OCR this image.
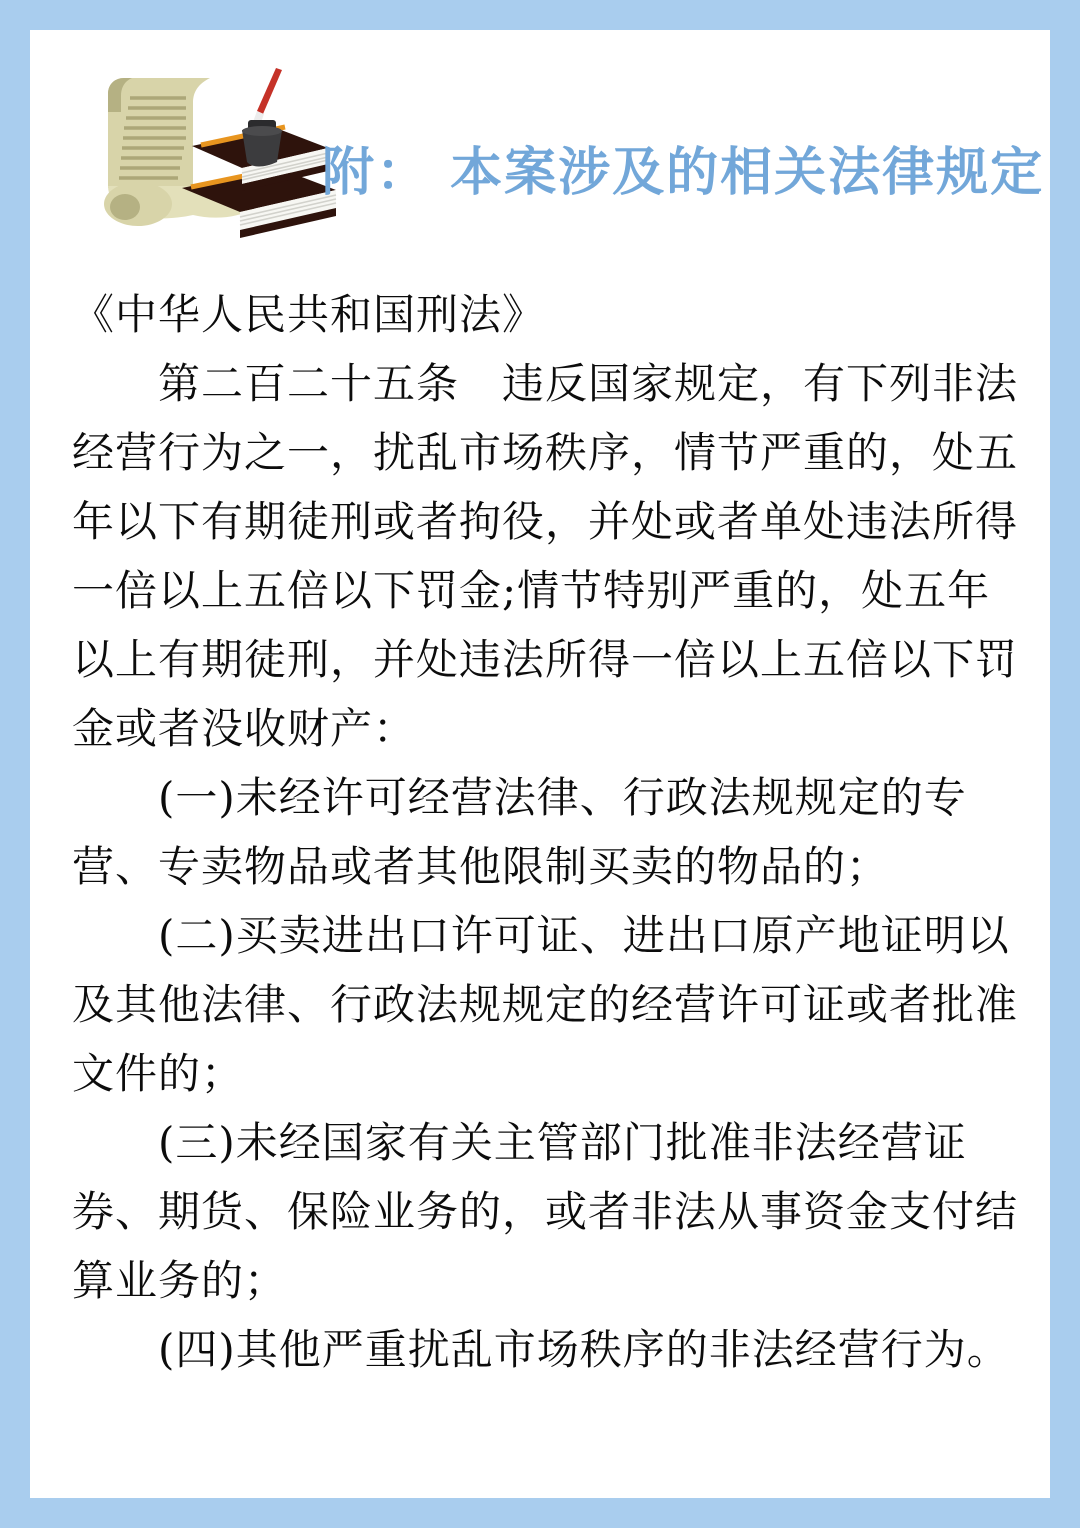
附： 本案涉及的相关法律规定
《中华人民共和国刑法》
第二百二十五条　违反国家规定，有下列非法
经营行为之一，扰乱市场秩序，情节严重的，处五
年以下有期徒刑或者拘役，并处或者单处违法所得
一倍以上五倍以下罚金;情节特别严重的，处五年
以上有期徒刑，并处违法所得一倍以上五倍以下罚
金或者没收财产：
(一)未经许可经营法律、行政法规规定的专
营、专卖物品或者其他限制买卖的物品的；
(二)买卖进出口许可证、进出口原产地证明以
及其他法律、行政法规规定的经营许可证或者批准
文件的；
(三)未经国家有关主管部门批准非法经营证
券、期货、保险业务的，或者非法从事资金支付结
算业务的；
(四)其他严重扰乱市场秩序的非法经营行为。
